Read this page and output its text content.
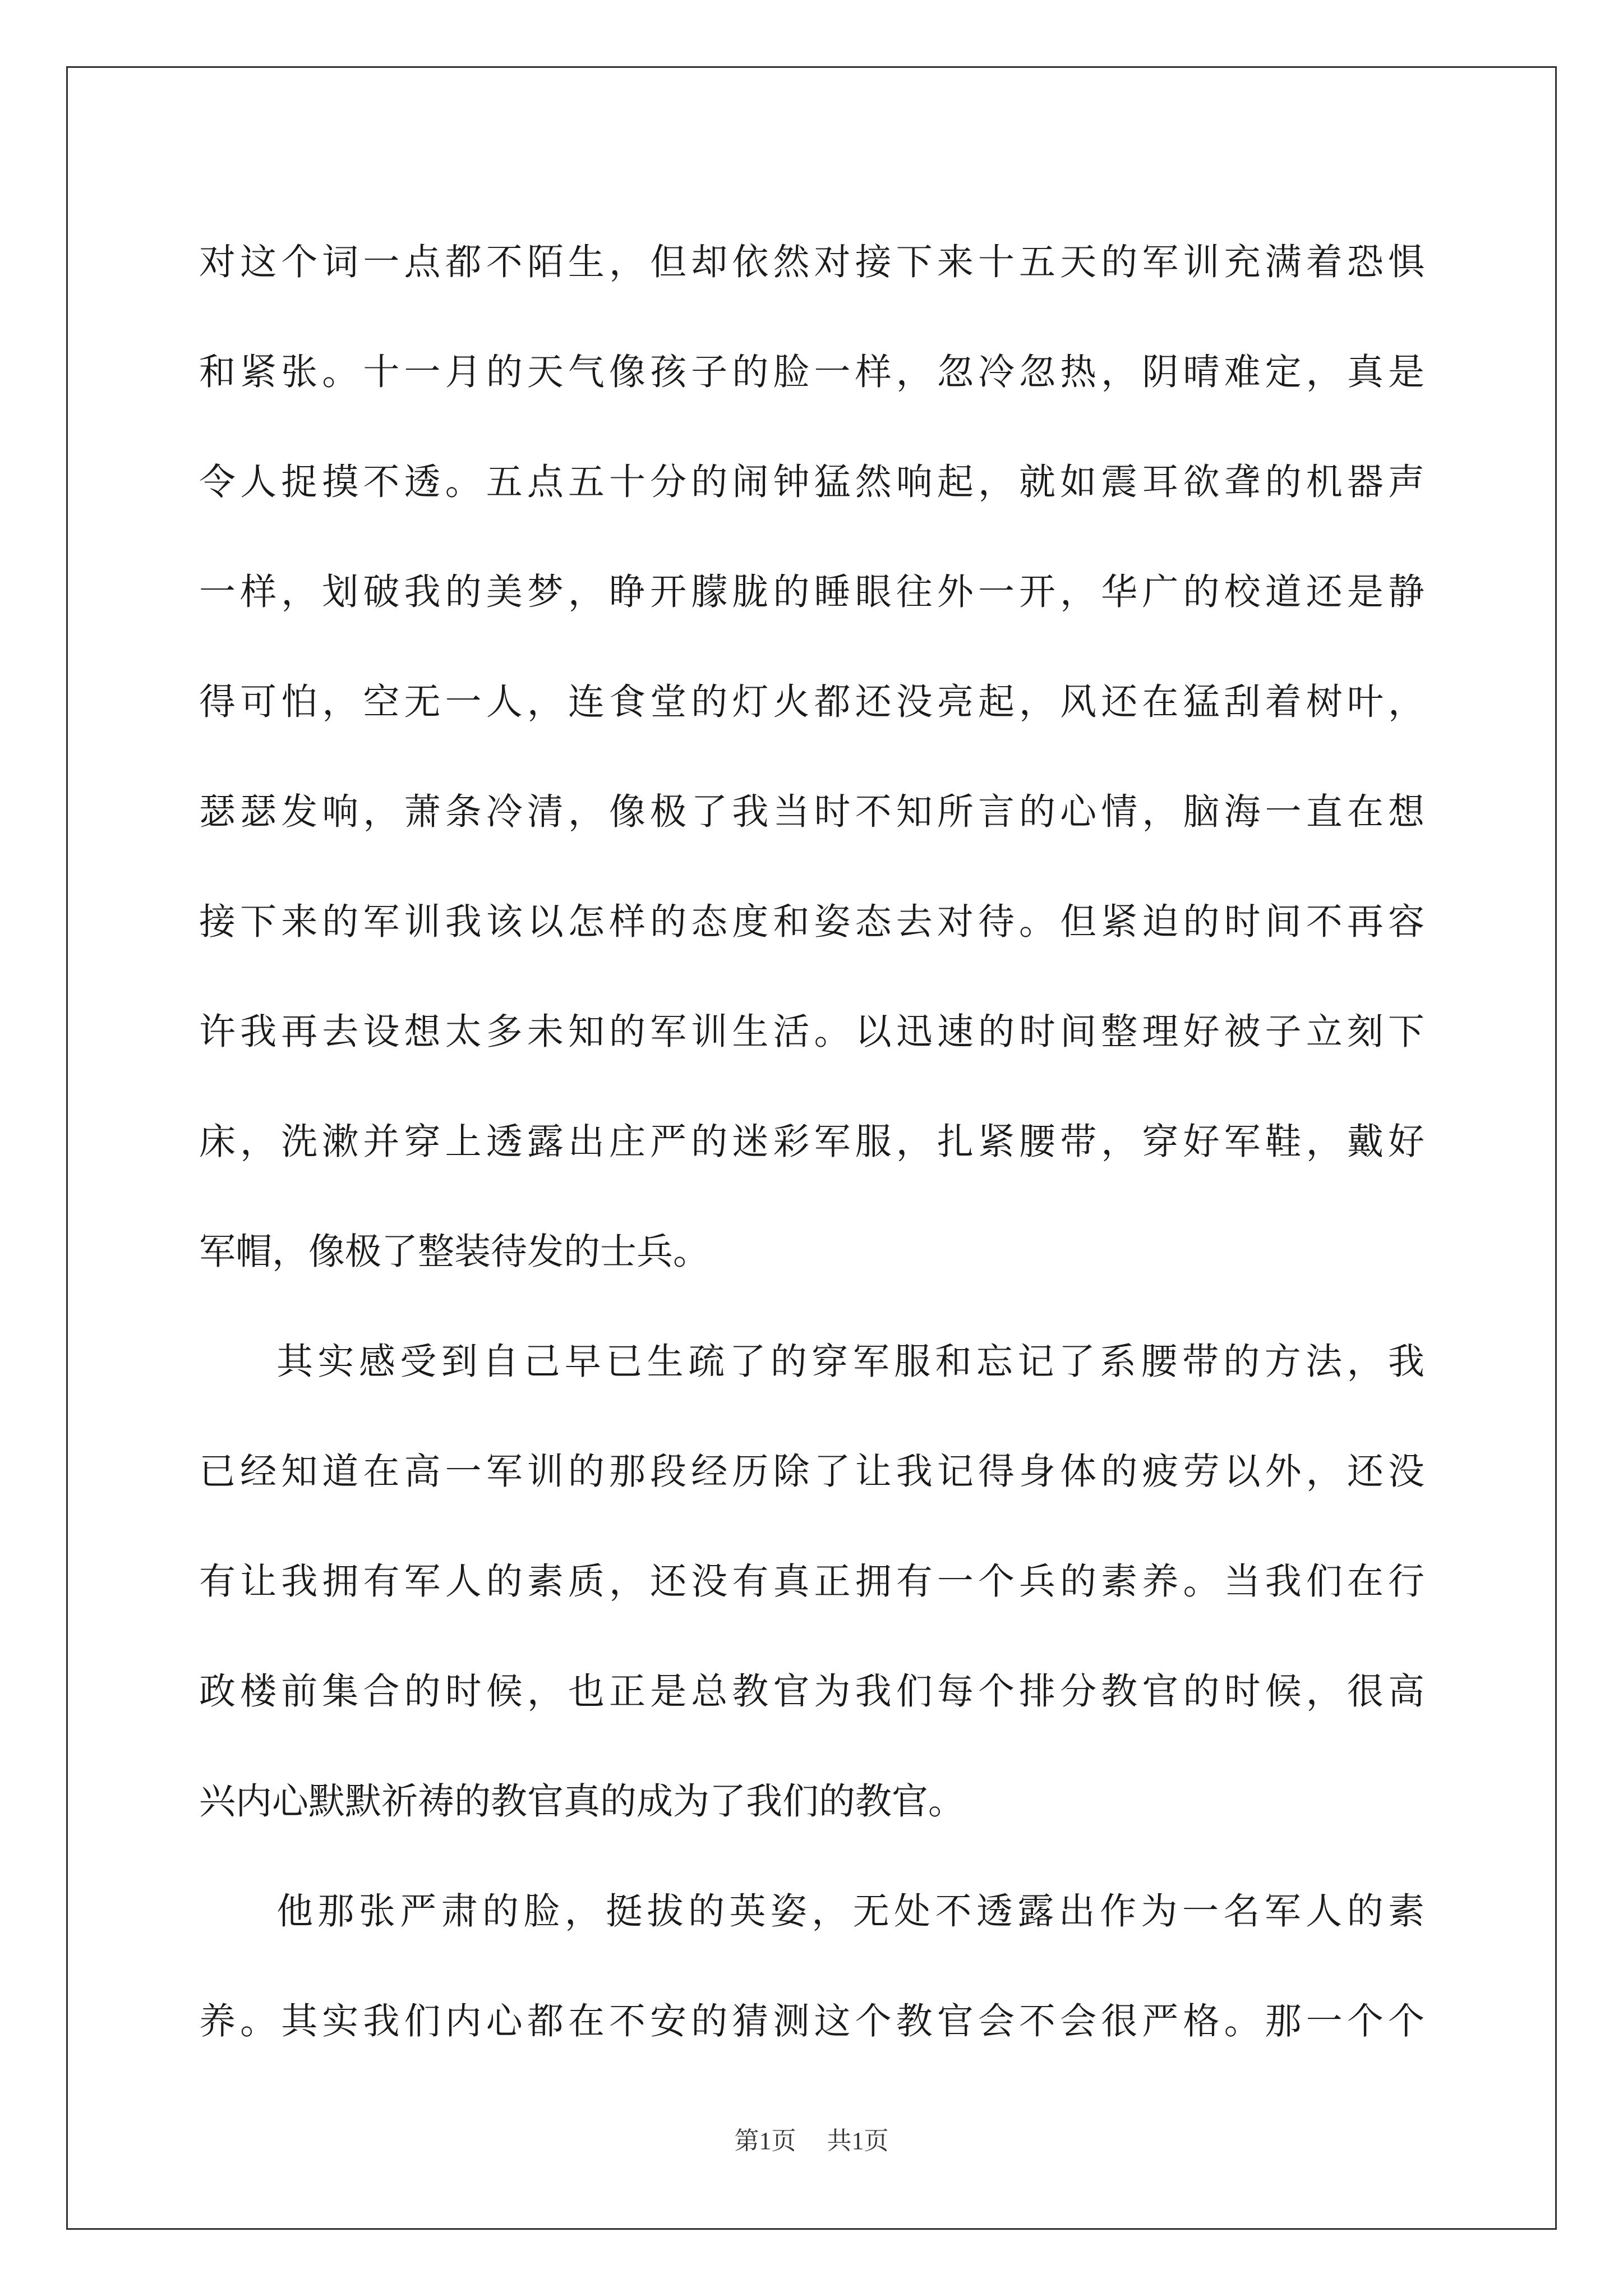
对这个词一点都不陌生，但却依然对接下来十五天的军训充满着恐惧
和紧张。十一月的天气像孩子的脸一样，忽冷忽热，阴晴难定，真是
令人捉摸不透。五点五十分的闹钟猛然响起，就如震耳欲聋的机器声
一样，划破我的美梦，睁开朦胧的睡眼往外一开，华广的校道还是静
得可怕，空无一人，连食堂的灯火都还没亮起，风还在猛刮着树叶，
瑟瑟发响，萧条冷清，像极了我当时不知所言的心情，脑海一直在想
接下来的军训我该以怎样的态度和姿态去对待。但紧迫的时间不再容
许我再去设想太多未知的军训生活。以迅速的时间整理好被子立刻下
床，洗漱并穿上透露出庄严的迷彩军服，扎紧腰带，穿好军鞋，戴好
军帽，像极了整装待发的士兵。
其实感受到自己早已生疏了的穿军服和忘记了系腰带的方法，我
已经知道在高一军训的那段经历除了让我记得身体的疲劳以外，还没
有让我拥有军人的素质，还没有真正拥有一个兵的素养。当我们在行
政楼前集合的时候，也正是总教官为我们每个排分教官的时候，很高
兴内心默默祈祷的教官真的成为了我们的教官。
他那张严肃的脸，挺拔的英姿，无处不透露出作为一名军人的素
养。其实我们内心都在不安的猜测这个教官会不会很严格。那一个个
第1页 共1页
